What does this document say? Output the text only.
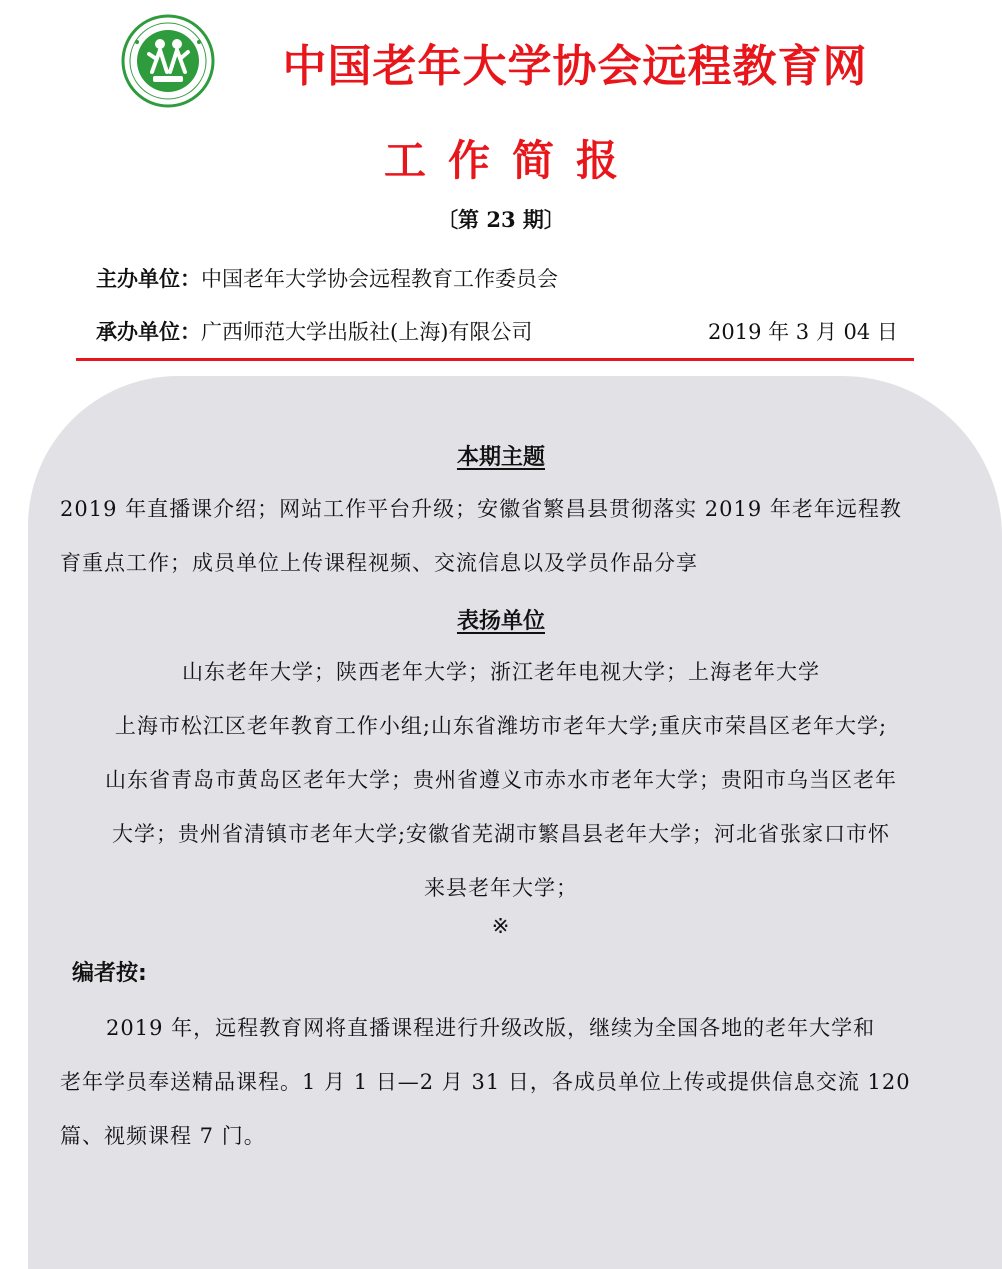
中国老年大学协会远程教育网
工作简报
〔第 23 期〕
主办单位：中国老年大学协会远程教育工作委员会
承办单位：广西师范大学出版社(上海)有限公司	2019 年 3 月 04 日
本期主题
2019 年直播课介绍；网站工作平台升级；安徽省繁昌县贯彻落实 2019 年老年远程教
育重点工作；成员单位上传课程视频、交流信息以及学员作品分享
表扬单位
山东老年大学；陕西老年大学；浙江老年电视大学；上海老年大学
上海市松江区老年教育工作小组;山东省潍坊市老年大学;重庆市荣昌区老年大学;
山东省青岛市黄岛区老年大学；贵州省遵义市赤水市老年大学；贵阳市乌当区老年
大学；贵州省清镇市老年大学;安徽省芜湖市繁昌县老年大学；河北省张家口市怀
来县老年大学；
※
编者按:
2019 年，远程教育网将直播课程进行升级改版，继续为全国各地的老年大学和
老年学员奉送精品课程。1 月 1 日—2 月 31 日，各成员单位上传或提供信息交流 120
篇、视频课程 7 门。
